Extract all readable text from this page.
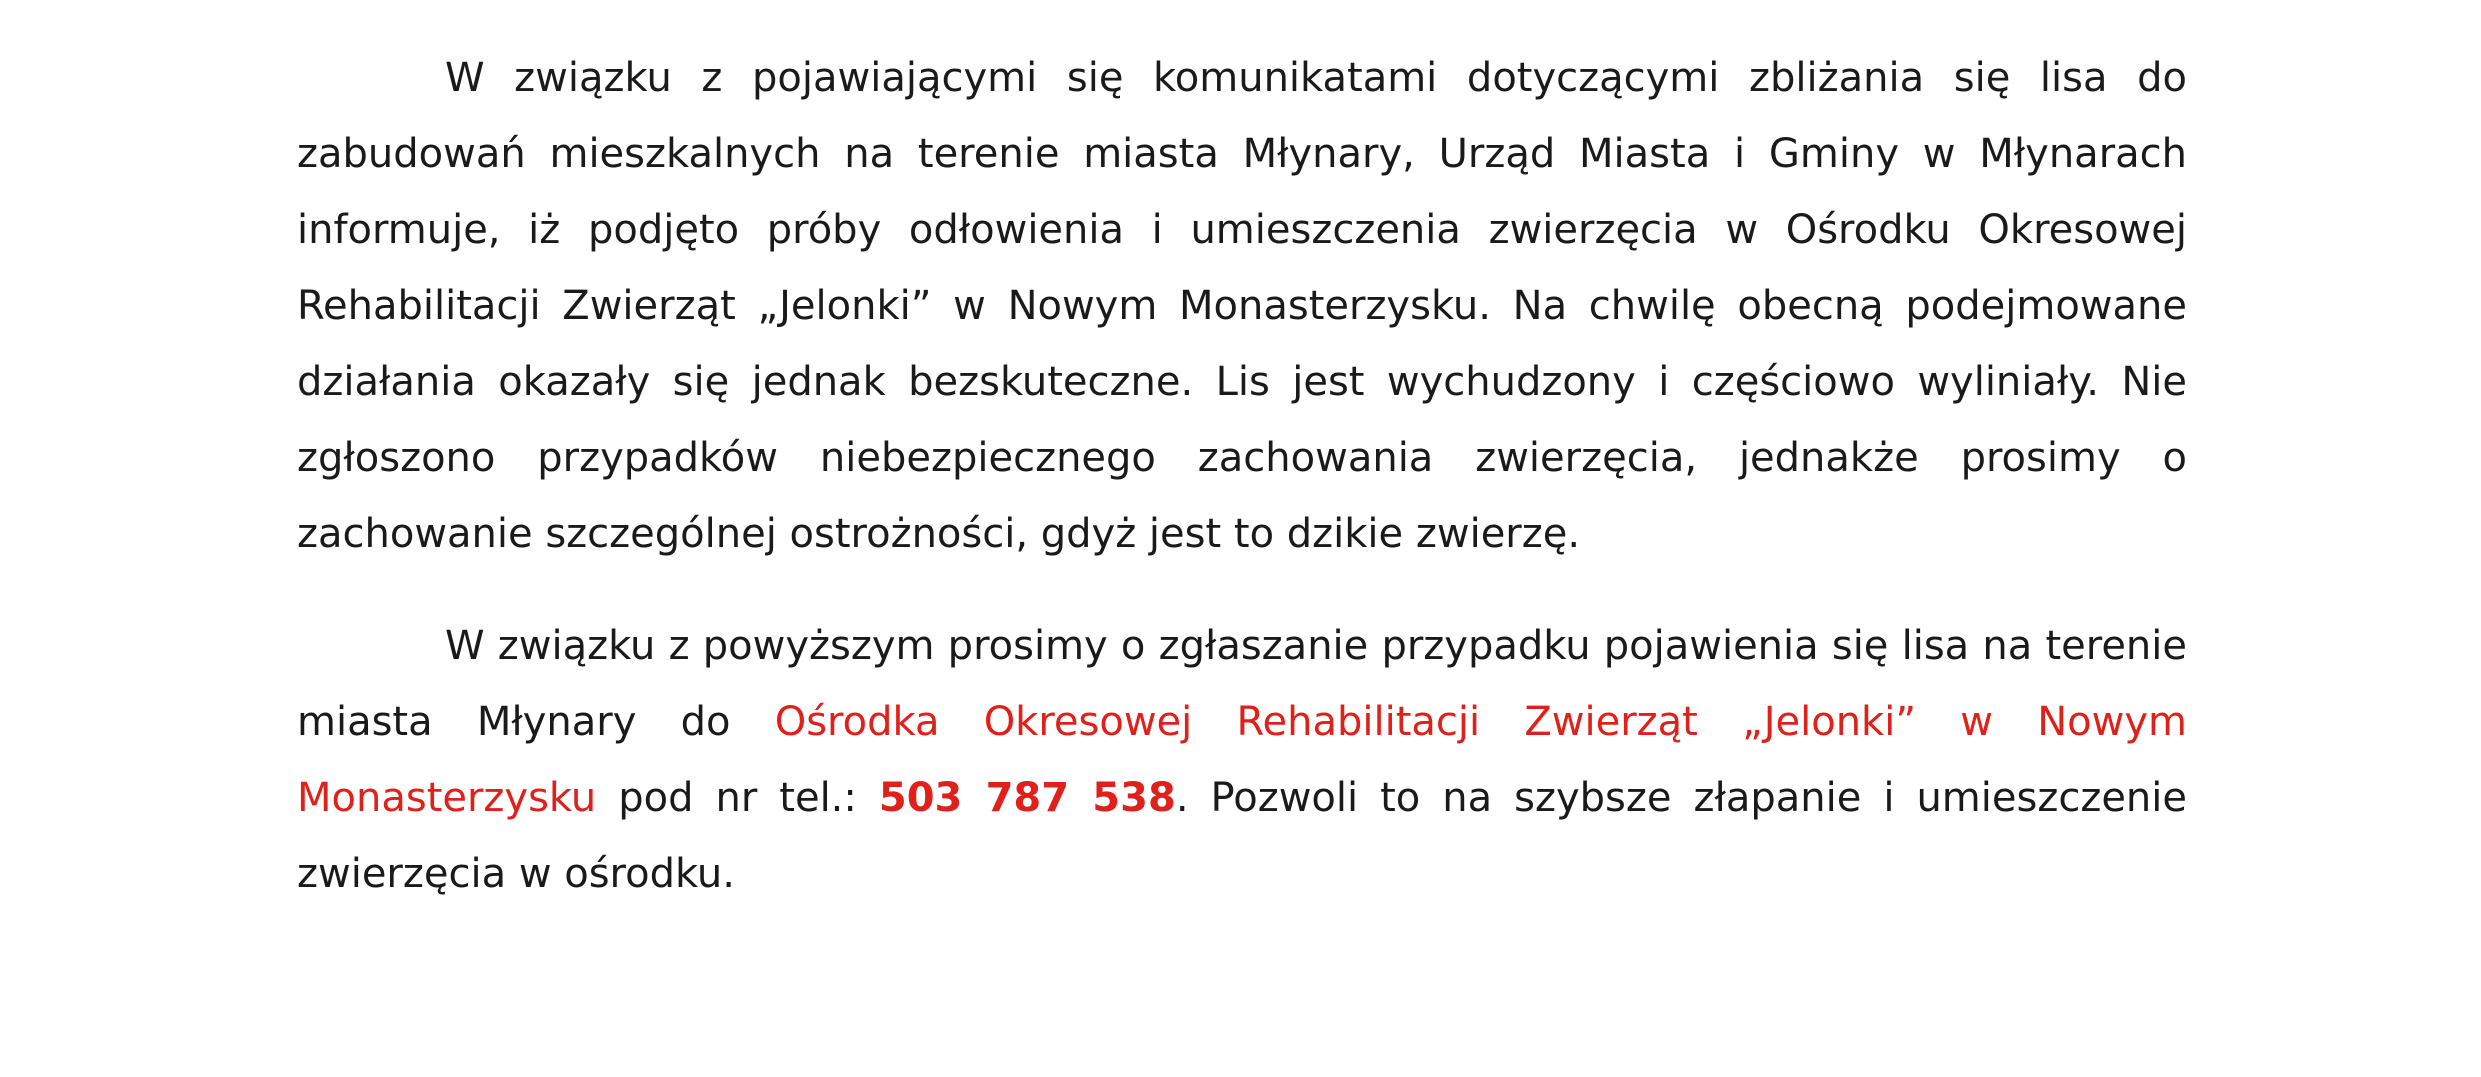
W związku z pojawiającymi się komunikatami dotyczącymi zbliżania się lisa do zabudowań mieszkalnych na terenie miasta Młynary, Urząd Miasta i Gminy w Młynarach informuje, iż podjęto próby odłowienia i umieszczenia zwierzęcia w Ośrodku Okresowej Rehabilitacji Zwierząt „Jelonki” w Nowym Monasterzysku. Na chwilę obecną podejmowane działania okazały się jednak bezskuteczne. Lis jest wychudzony i częściowo wyliniały. Nie zgłoszono przypadków niebezpiecznego zachowania zwierzęcia, jednakże prosimy o zachowanie szczególnej ostrożności, gdyż jest to dzikie zwierzę.

W związku z powyższym prosimy o zgłaszanie przypadku pojawienia się lisa na terenie miasta Młynary do Ośrodka Okresowej Rehabilitacji Zwierząt „Jelonki” w Nowym Monasterzysku pod nr tel.: 503 787 538. Pozwoli to na szybsze złapanie i umieszczenie zwierzęcia w ośrodku.
